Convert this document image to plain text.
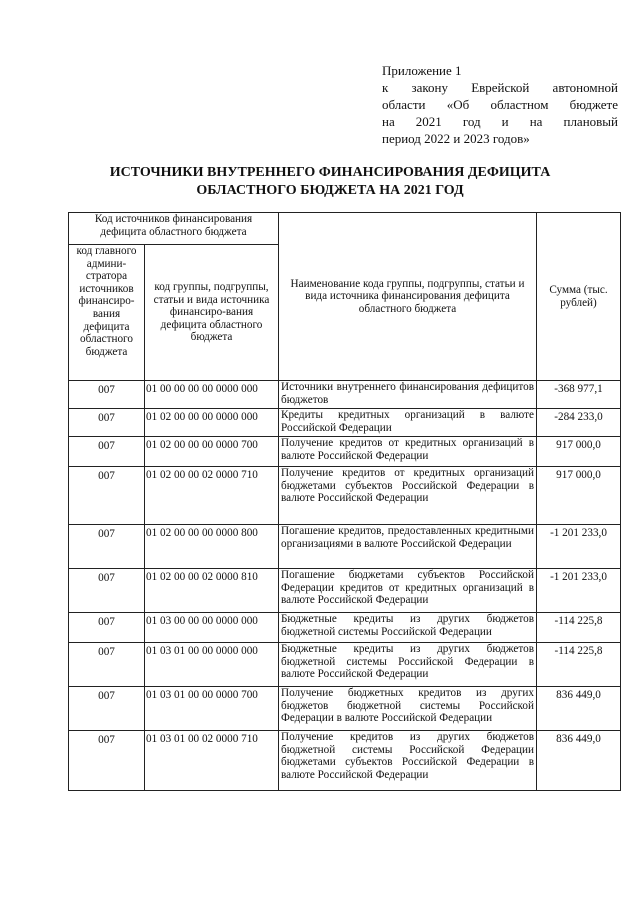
Приложение 1
к закону Еврейской автономной
области «Об областном бюджете
на 2021 год и на плановый
период 2022 и 2023 годов»
ИСТОЧНИКИ ВНУТРЕННЕГО ФИНАНСИРОВАНИЯ ДЕФИЦИТА
ОБЛАСТНОГО БЮДЖЕТА НА 2021 ГОД
Код источников финансирования дефицита областного бюджета		Наименование кода группы, подгруппы, статьи и вида источника финансирования дефицита областного бюджета	Сумма (тыс. рублей)
код главного админи-стратора источников финансиро-вания дефицита областного бюджета	код группы, подгруппы, статьи и вида источника финансиро-вания дефицита областного бюджета		
007	01 00 00 00 00 0000 000	Источники внутреннего финансирования дефицитов бюджетов	-368 977,1
007	01 02 00 00 00 0000 000	Кредиты кредитных организаций в валюте Российской Федерации	-284 233,0
007	01 02 00 00 00 0000 700	Получение кредитов от кредитных организаций в валюте Российской Федерации	917 000,0
007	01 02 00 00 02 0000 710	Получение кредитов от кредитных организаций бюджетами субъектов Российской Федерации в валюте Российской Федерации	917 000,0
007	01 02 00 00 00 0000 800	Погашение кредитов, предоставленных кредитными организациями в валюте Российской Федерации	-1 201 233,0
007	01 02 00 00 02 0000 810	Погашение бюджетами субъектов Российской Федерации кредитов от кредитных организаций в валюте Российской Федерации	-1 201 233,0
007	01 03 00 00 00 0000 000	Бюджетные кредиты из других бюджетов бюджетной системы Российской Федерации	-114 225,8
007	01 03 01 00 00 0000 000	Бюджетные кредиты из других бюджетов бюджетной системы Российской Федерации в валюте Российской Федерации	-114 225,8
007	01 03 01 00 00 0000 700	Получение бюджетных кредитов из других бюджетов бюджетной системы Российской Федерации в валюте Российской Федерации	836 449,0
007	01 03 01 00 02 0000 710	Получение кредитов из других бюджетов бюджетной системы Российской Федерации бюджетами субъектов Российской Федерации в валюте Российской Федерации	836 449,0
